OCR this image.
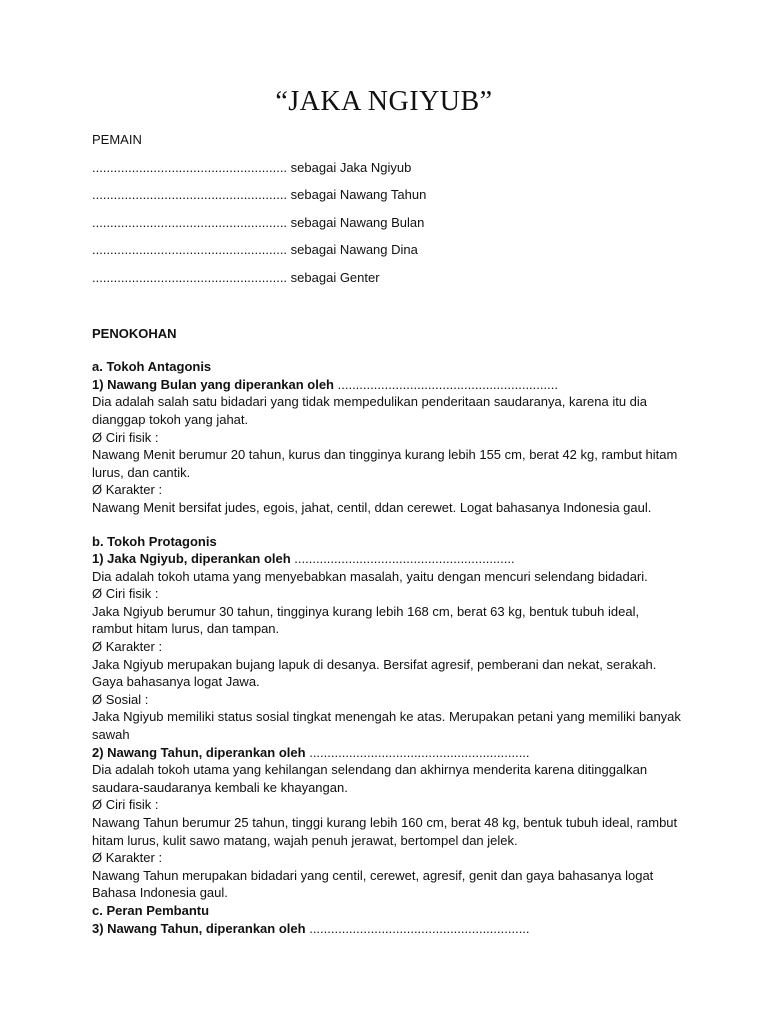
“JAKA NGIYUB”
PEMAIN
...................................................... sebagai Jaka Ngiyub
...................................................... sebagai Nawang Tahun
...................................................... sebagai Nawang Bulan
...................................................... sebagai Nawang Dina
...................................................... sebagai Genter
PENOKOHAN
a. Tokoh Antagonis
1) Nawang Bulan yang diperankan oleh .............................................................
Dia adalah salah satu bidadari yang tidak mempedulikan penderitaan saudaranya, karena itu dia dianggap tokoh yang jahat.
Ø Ciri fisik :
Nawang Menit berumur 20 tahun, kurus dan tingginya kurang lebih 155 cm, berat 42 kg, rambut hitam lurus, dan cantik.
Ø Karakter :
Nawang Menit bersifat judes, egois, jahat, centil, ddan cerewet. Logat bahasanya Indonesia gaul.
b. Tokoh Protagonis
1) Jaka Ngiyub, diperankan oleh .............................................................
Dia adalah tokoh utama yang menyebabkan masalah, yaitu dengan mencuri selendang bidadari.
Ø Ciri fisik :
Jaka Ngiyub berumur 30 tahun, tingginya kurang lebih 168 cm, berat 63 kg, bentuk tubuh ideal, rambut hitam lurus, dan tampan.
Ø Karakter :
Jaka Ngiyub merupakan bujang lapuk di desanya. Bersifat agresif, pemberani dan nekat, serakah. Gaya bahasanya logat Jawa.
Ø Sosial :
Jaka Ngiyub memiliki status sosial tingkat menengah ke atas. Merupakan petani yang memiliki banyak sawah
2) Nawang Tahun, diperankan oleh .............................................................
Dia adalah tokoh utama yang kehilangan selendang dan akhirnya menderita karena ditinggalkan saudara-saudaranya kembali ke khayangan.
Ø Ciri fisik :
Nawang Tahun berumur 25 tahun, tinggi kurang lebih 160 cm, berat 48 kg, bentuk tubuh ideal, rambut hitam lurus, kulit sawo matang, wajah penuh jerawat, bertompel dan jelek.
Ø Karakter :
Nawang Tahun merupakan bidadari yang centil, cerewet, agresif, genit dan gaya bahasanya logat Bahasa Indonesia gaul.
c. Peran Pembantu
3) Nawang Tahun, diperankan oleh .............................................................
